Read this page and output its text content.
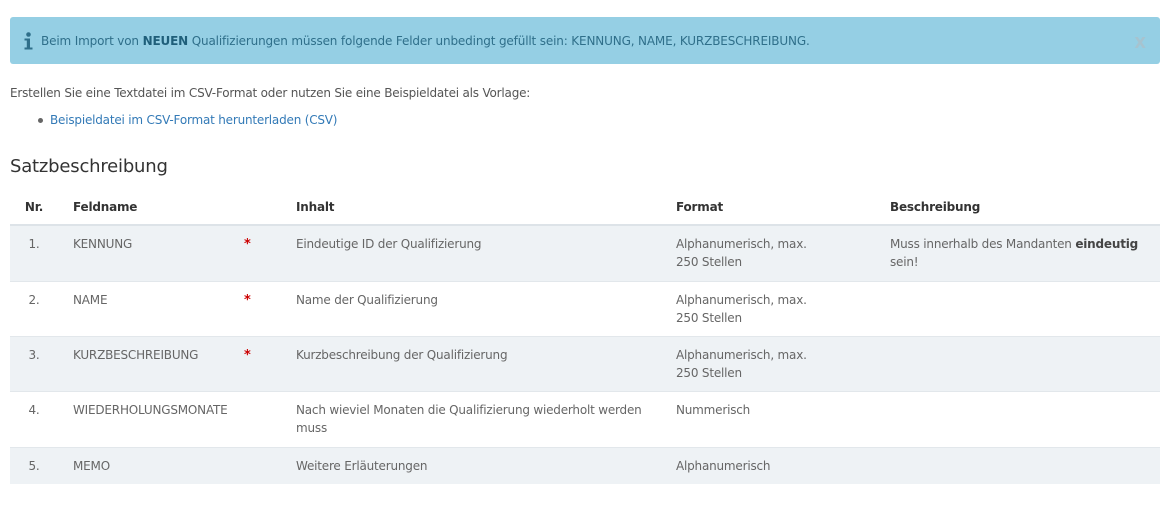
Beim Import von NEUEN Qualifizierungen müssen folgende Felder unbedingt gefüllt sein: KENNUNG, NAME, KURZBESCHREIBUNG.	X
Erstellen Sie eine Textdatei im CSV-Format oder nutzen Sie eine Beispieldatei als Vorlage:
Beispieldatei im CSV-Format herunterladen (CSV)
Satzbeschreibung
Nr.	Feldname		Inhalt	Format	Beschreibung
1.	KENNUNG	*	Eindeutige ID der Qualifizierung	Alphanumerisch, max. 250 Stellen	Muss innerhalb des Mandanten eindeutig sein!
2.	NAME	*	Name der Qualifizierung	Alphanumerisch, max. 250 Stellen	
3.	KURZBESCHREIBUNG	*	Kurzbeschreibung der Qualifizierung	Alphanumerisch, max. 250 Stellen	
4.	WIEDERHOLUNGSMONATE		Nach wieviel Monaten die Qualifizierung wiederholt werden muss	Nummerisch	
5.	MEMO		Weitere Erläuterungen	Alphanumerisch	
